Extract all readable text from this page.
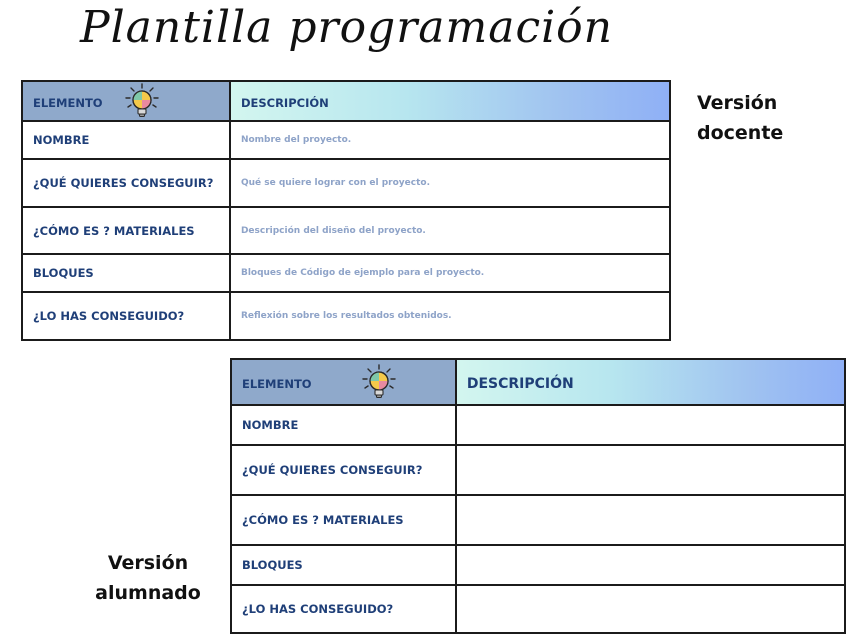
Plantilla programación
ELEMENTO	DESCRIPCIÓN
NOMBRE	Nombre del proyecto.
¿QUÉ QUIERES CONSEGUIR?	Qué se quiere lograr con el proyecto.
¿CÓMO ES ? MATERIALES	Descripción del diseño del proyecto.
BLOQUES	Bloques de Código de ejemplo para el proyecto.
¿LO HAS CONSEGUIDO?	Reflexión sobre los resultados obtenidos.
Versión
docente
ELEMENTO	DESCRIPCIÓN
NOMBRE	
¿QUÉ QUIERES CONSEGUIR?	
¿CÓMO ES ? MATERIALES	
BLOQUES	
¿LO HAS CONSEGUIDO?	
Versión
alumnado
